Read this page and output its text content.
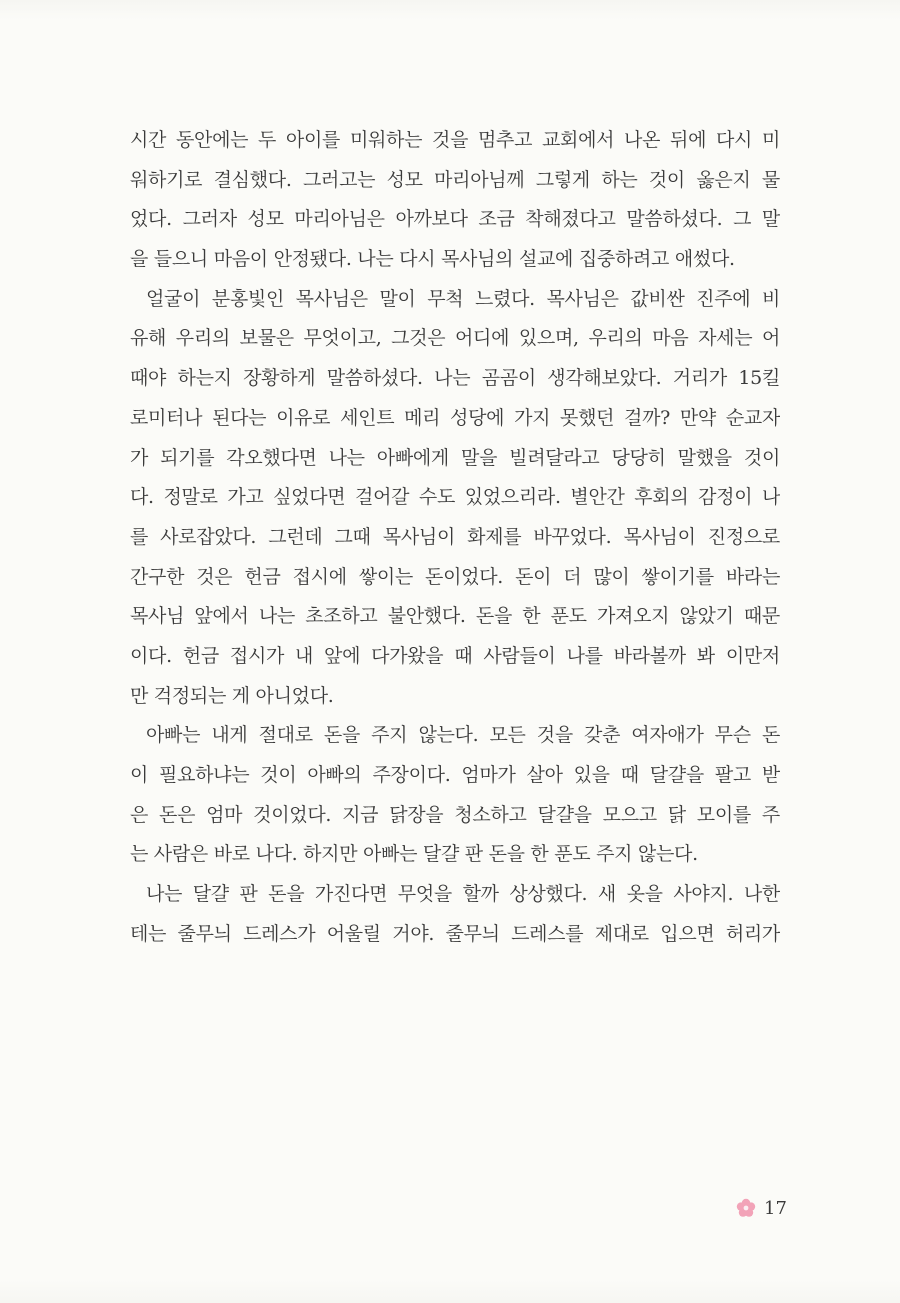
시간 동안에는 두 아이를 미워하는 것을 멈추고 교회에서 나온 뒤에 다시 미
워하기로 결심했다. 그러고는 성모 마리아님께 그렇게 하는 것이 옳은지 물
었다. 그러자 성모 마리아님은 아까보다 조금 착해졌다고 말씀하셨다. 그 말
을 들으니 마음이 안정됐다. 나는 다시 목사님의 설교에 집중하려고 애썼다.
얼굴이 분홍빛인 목사님은 말이 무척 느렸다. 목사님은 값비싼 진주에 비
유해 우리의 보물은 무엇이고, 그것은 어디에 있으며, 우리의 마음 자세는 어
때야 하는지 장황하게 말씀하셨다. 나는 곰곰이 생각해보았다. 거리가 15킬
로미터나 된다는 이유로 세인트 메리 성당에 가지 못했던 걸까? 만약 순교자
가 되기를 각오했다면 나는 아빠에게 말을 빌려달라고 당당히 말했을 것이
다. 정말로 가고 싶었다면 걸어갈 수도 있었으리라. 별안간 후회의 감정이 나
를 사로잡았다. 그런데 그때 목사님이 화제를 바꾸었다. 목사님이 진정으로
간구한 것은 헌금 접시에 쌓이는 돈이었다. 돈이 더 많이 쌓이기를 바라는
목사님 앞에서 나는 초조하고 불안했다. 돈을 한 푼도 가져오지 않았기 때문
이다. 헌금 접시가 내 앞에 다가왔을 때 사람들이 나를 바라볼까 봐 이만저
만 걱정되는 게 아니었다.
아빠는 내게 절대로 돈을 주지 않는다. 모든 것을 갖춘 여자애가 무슨 돈
이 필요하냐는 것이 아빠의 주장이다. 엄마가 살아 있을 때 달걀을 팔고 받
은 돈은 엄마 것이었다. 지금 닭장을 청소하고 달걀을 모으고 닭 모이를 주
는 사람은 바로 나다. 하지만 아빠는 달걀 판 돈을 한 푼도 주지 않는다.
나는 달걀 판 돈을 가진다면 무엇을 할까 상상했다. 새 옷을 사야지. 나한
테는 줄무늬 드레스가 어울릴 거야. 줄무늬 드레스를 제대로 입으면 허리가
17
